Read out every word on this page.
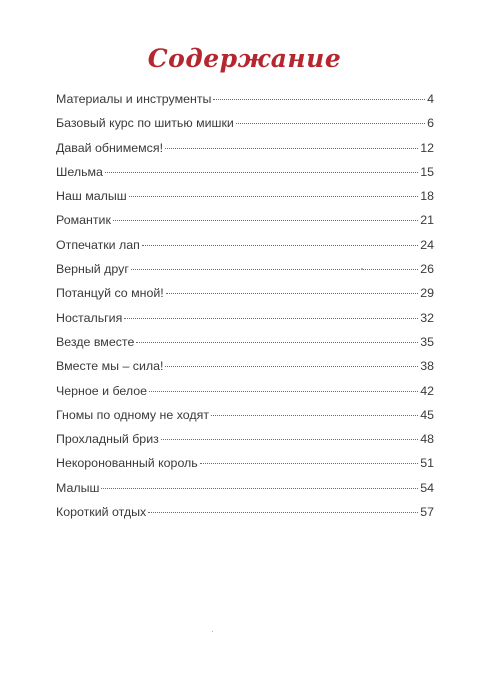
Содержание
Материалы и инструменты	4
Базовый курс по шитью мишки	6
Давай обнимемся!	12
Шельма	15
Наш малыш	18
Романтик	21
Отпечатки лап	24
Верный друг	26
Потанцуй со мной!	29
Ностальгия	32
Везде вместе	35
Вместе мы – сила!	38
Черное и белое	42
Гномы по одному не ходят	45
Прохладный бриз	48
Некоронованный король	51
Малыш	54
Короткий отдых	57
